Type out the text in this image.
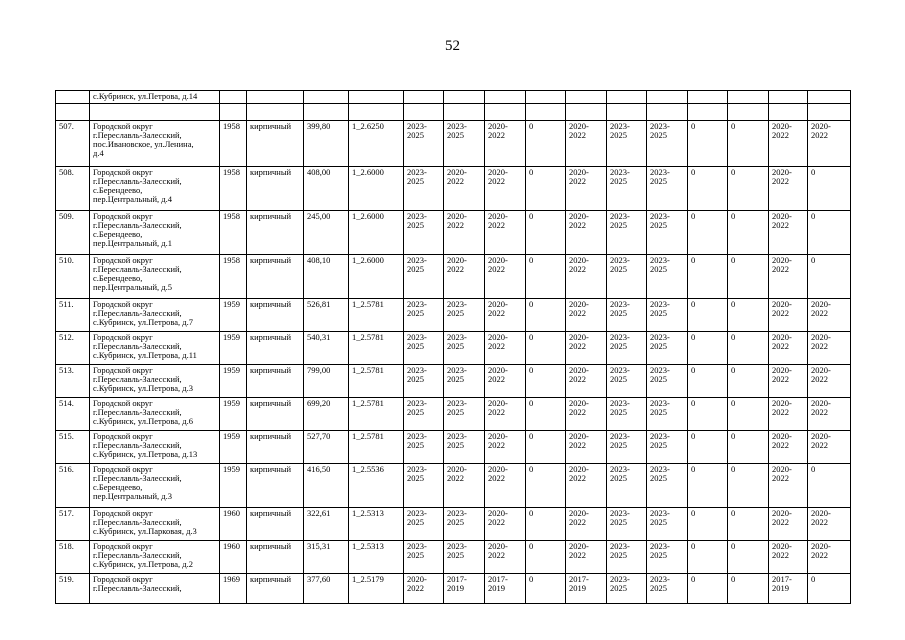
52
	с.Кубринск, ул.Петрова, д.14															

507.	Городской округ
г.Переславль-Залесский,
пос.Ивановское, ул.Ленина,
д.4	1958	кирпичный	399,80	1_2.6250	2023-
2025	2023-
2025	2020-
2022	0	2020-
2022	2023-
2025	2023-
2025	0	0	2020-
2022	2020-
2022
508.	Городской округ
г.Переславль-Залесский,
с.Берендеево,
пер.Центральный, д.4	1958	кирпичный	408,00	1_2.6000	2023-
2025	2020-
2022	2020-
2022	0	2020-
2022	2023-
2025	2023-
2025	0	0	2020-
2022	0
509.	Городской округ
г.Переславль-Залесский,
с.Берендеево,
пер.Центральный, д.1	1958	кирпичный	245,00	1_2.6000	2023-
2025	2020-
2022	2020-
2022	0	2020-
2022	2023-
2025	2023-
2025	0	0	2020-
2022	0
510.	Городской округ
г.Переславль-Залесский,
с.Берендеево,
пер.Центральный, д.5	1958	кирпичный	408,10	1_2.6000	2023-
2025	2020-
2022	2020-
2022	0	2020-
2022	2023-
2025	2023-
2025	0	0	2020-
2022	0
511.	Городской округ
г.Переславль-Залесский,
с.Кубринск, ул.Петрова, д.7	1959	кирпичный	526,81	1_2.5781	2023-
2025	2023-
2025	2020-
2022	0	2020-
2022	2023-
2025	2023-
2025	0	0	2020-
2022	2020-
2022
512.	Городской округ
г.Переславль-Залесский,
с.Кубринск, ул.Петрова, д.11	1959	кирпичный	540,31	1_2.5781	2023-
2025	2023-
2025	2020-
2022	0	2020-
2022	2023-
2025	2023-
2025	0	0	2020-
2022	2020-
2022
513.	Городской округ
г.Переславль-Залесский,
с.Кубринск, ул.Петрова, д.3	1959	кирпичный	799,00	1_2.5781	2023-
2025	2023-
2025	2020-
2022	0	2020-
2022	2023-
2025	2023-
2025	0	0	2020-
2022	2020-
2022
514.	Городской округ
г.Переславль-Залесский,
с.Кубринск, ул.Петрова, д.6	1959	кирпичный	699,20	1_2.5781	2023-
2025	2023-
2025	2020-
2022	0	2020-
2022	2023-
2025	2023-
2025	0	0	2020-
2022	2020-
2022
515.	Городской округ
г.Переславль-Залесский,
с.Кубринск, ул.Петрова, д.13	1959	кирпичный	527,70	1_2.5781	2023-
2025	2023-
2025	2020-
2022	0	2020-
2022	2023-
2025	2023-
2025	0	0	2020-
2022	2020-
2022
516.	Городской округ
г.Переславль-Залесский,
с.Берендеево,
пер.Центральный, д.3	1959	кирпичный	416,50	1_2.5536	2023-
2025	2020-
2022	2020-
2022	0	2020-
2022	2023-
2025	2023-
2025	0	0	2020-
2022	0
517.	Городской округ
г.Переславль-Залесский,
с.Кубринск, ул.Парковая, д.3	1960	кирпичный	322,61	1_2.5313	2023-
2025	2023-
2025	2020-
2022	0	2020-
2022	2023-
2025	2023-
2025	0	0	2020-
2022	2020-
2022
518.	Городской округ
г.Переславль-Залесский,
с.Кубринск, ул.Петрова, д.2	1960	кирпичный	315,31	1_2.5313	2023-
2025	2023-
2025	2020-
2022	0	2020-
2022	2023-
2025	2023-
2025	0	0	2020-
2022	2020-
2022
519.	Городской округ
г.Переславль-Залесский,	1969	кирпичный	377,60	1_2.5179	2020-
2022	2017-
2019	2017-
2019	0	2017-
2019	2023-
2025	2023-
2025	0	0	2017-
2019	0
